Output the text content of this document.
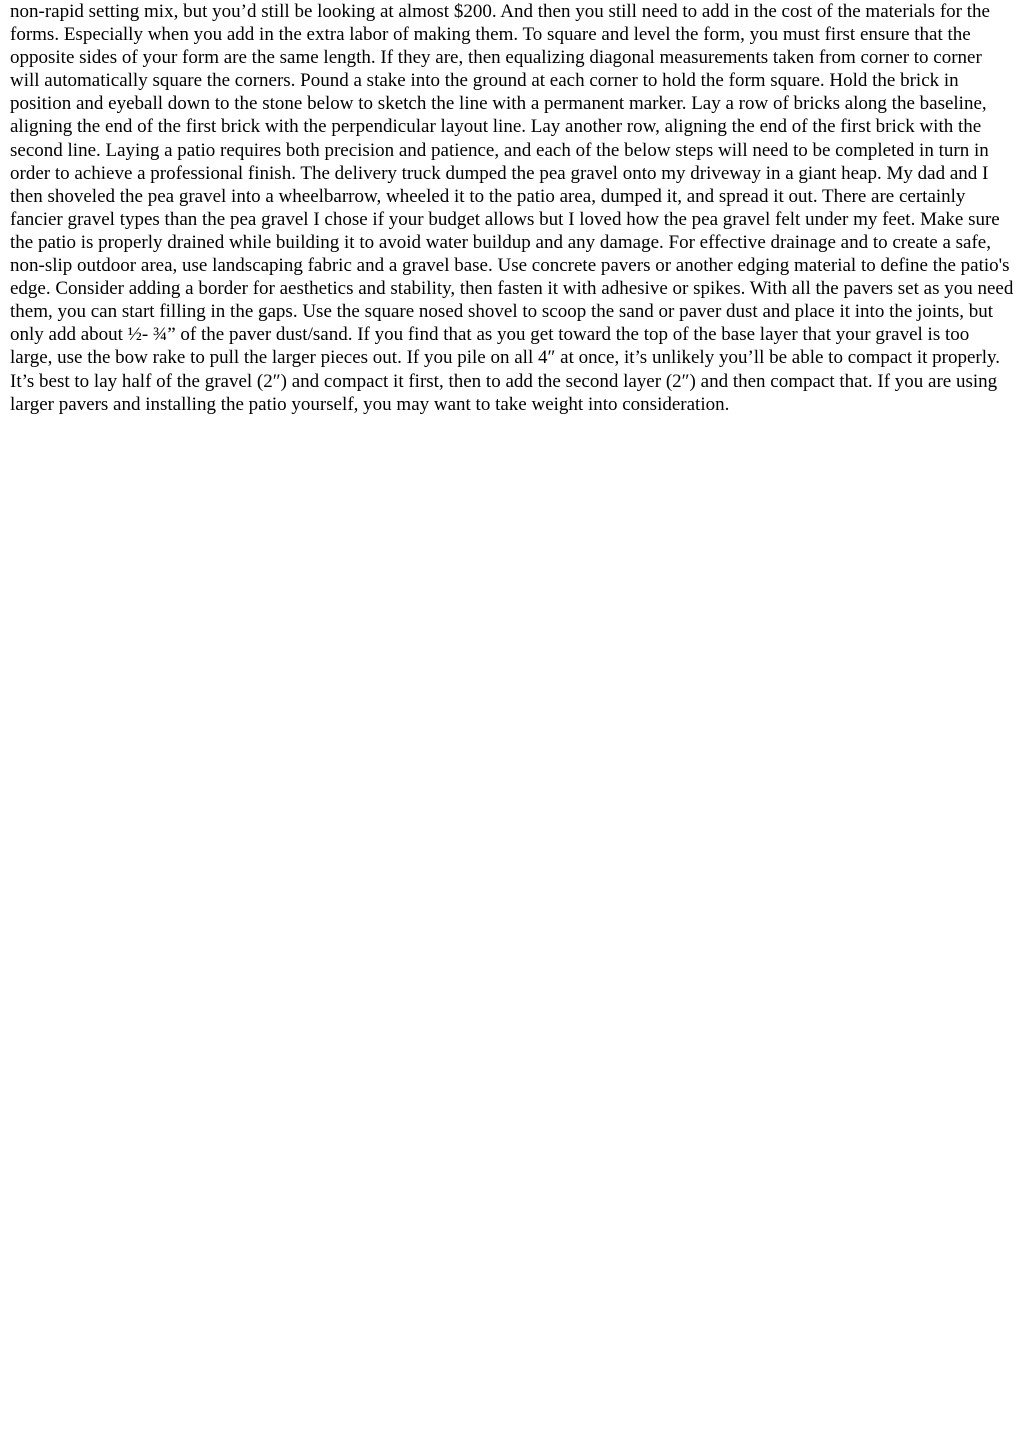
non-rapid setting mix, but you’d still be looking at almost $200. And then you still need to add in the cost of the materials for the forms. Especially when you add in the extra labor of making them. To square and level the form, you must first ensure that the opposite sides of your form are the same length. If they are, then equalizing diagonal measurements taken from corner to corner will automatically square the corners. Pound a stake into the ground at each corner to hold the form square. Hold the brick in position and eyeball down to the stone below to sketch the line with a permanent marker. Lay a row of bricks along the baseline, aligning the end of the first brick with the perpendicular layout line. Lay another row, aligning the end of the first brick with the second line. Laying a patio requires both precision and patience, and each of the below steps will need to be completed in turn in order to achieve a professional finish. The delivery truck dumped the pea gravel onto my driveway in a giant heap. My dad and I then shoveled the pea gravel into a wheelbarrow, wheeled it to the patio area, dumped it, and spread it out. There are certainly fancier gravel types than the pea gravel I chose if your budget allows but I loved how the pea gravel felt under my feet. Make sure the patio is properly drained while building it to avoid water buildup and any damage. For effective drainage and to create a safe, non-slip outdoor area, use landscaping fabric and a gravel base. Use concrete pavers or another edging material to define the patio's edge. Consider adding a border for aesthetics and stability, then fasten it with adhesive or spikes. With all the pavers set as you need them, you can start filling in the gaps. Use the square nosed shovel to scoop the sand or paver dust and place it into the joints, but only add about ½- ¾” of the paver dust/sand. If you find that as you get toward the top of the base layer that your gravel is too large, use the bow rake to pull the larger pieces out. If you pile on all 4″ at once, it’s unlikely you’ll be able to compact it properly. It’s best to lay half of the gravel (2″) and compact it first, then to add the second layer (2″) and then compact that. If you are using larger pavers and installing the patio yourself, you may want to take weight into consideration.
